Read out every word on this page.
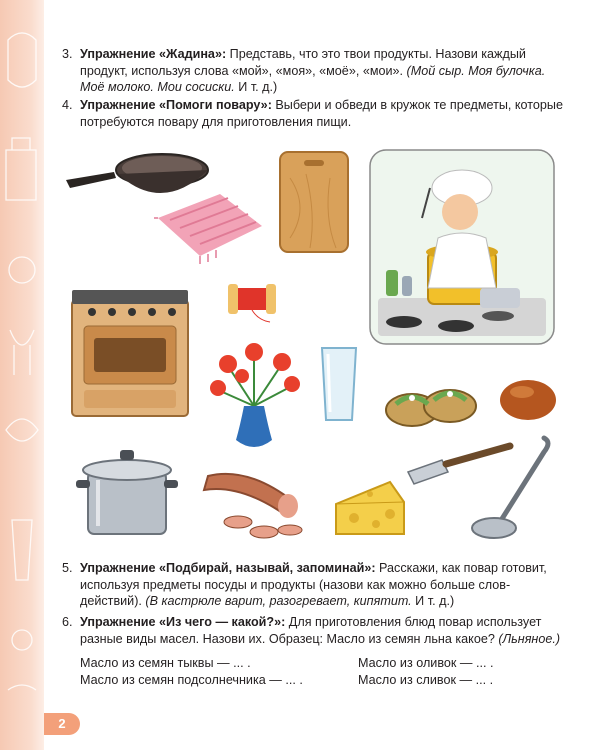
3. Упражнение «Жадина»: Представь, что это твои продукты. Назови каждый продукт, используя слова «мой», «моя», «моё», «мои». (Мой сыр. Моя булочка. Моё молоко. Мои сосиски. И т. д.)
4. Упражнение «Помоги повару»: Выбери и обведи в кружок те предметы, которые потребуются повару для приготовления пищи.
5. Упражнение «Подбирай, называй, запоминай»: Расскажи, как повар готовит, используя предметы посуды и продукты (назови как можно больше слов-действий). (В кастрюле варит, разогревает, кипятит. И т. д.)
6. Упражнение «Из чего — какой?»: Для приготовления блюд повар использует разные виды масел. Назови их. Образец: Масло из семян льна какое? (Льняное.)
Масло из семян тыквы — ... .
Масло из семян подсолнечника — ... .
Масло из оливок — ... .
Масло из сливок — ... .
2
